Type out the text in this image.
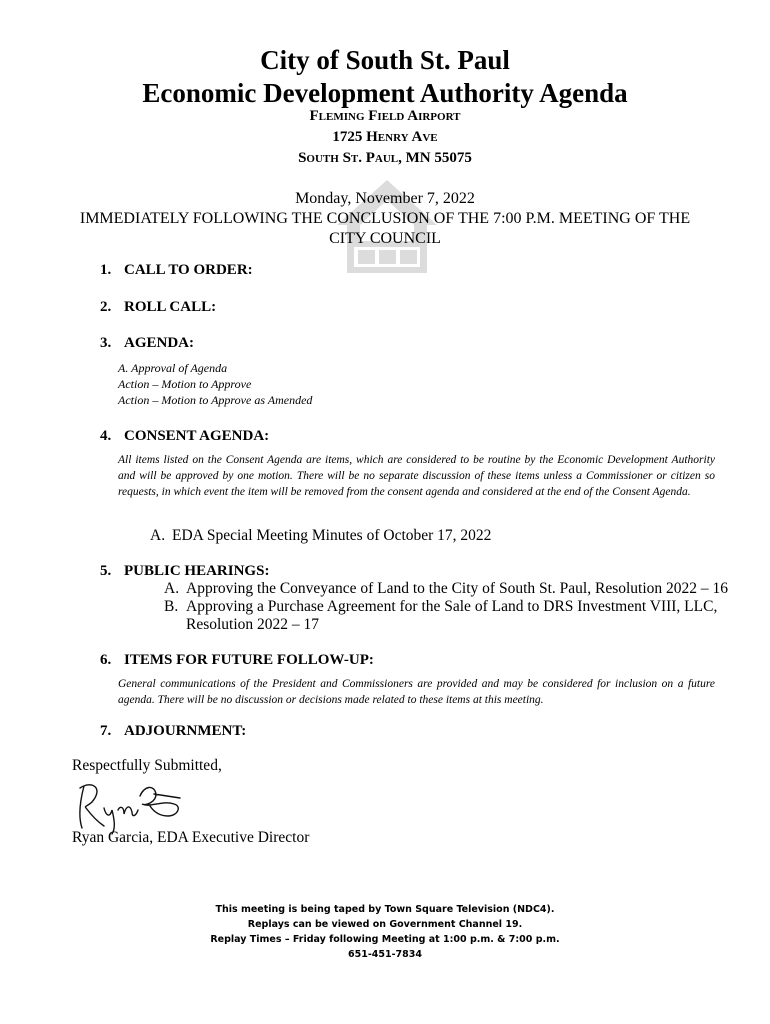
City of South St. Paul
Economic Development Authority Agenda
Fleming Field Airport
1725 Henry Ave
South St. Paul, MN 55075
Monday, November 7, 2022
IMMEDIATELY FOLLOWING THE CONCLUSION OF THE 7:00 P.M. MEETING OF THE
CITY COUNCIL
1. CALL TO ORDER:
2. ROLL CALL:
3. AGENDA:
A. Approval of Agenda
Action – Motion to Approve
Action – Motion to Approve as Amended
4. CONSENT AGENDA:
All items listed on the Consent Agenda are items, which are considered to be routine by the Economic Development Authority and will be approved by one motion. There will be no separate discussion of these items unless a Commissioner or citizen so requests, in which event the item will be removed from the consent agenda and considered at the end of the Consent Agenda.
A. EDA Special Meeting Minutes of October 17, 2022
5. PUBLIC HEARINGS:
A. Approving the Conveyance of Land to the City of South St. Paul, Resolution 2022 – 16
B. Approving a Purchase Agreement for the Sale of Land to DRS Investment VIII, LLC,
Resolution 2022 – 17
6. ITEMS FOR FUTURE FOLLOW-UP:
General communications of the President and Commissioners are provided and may be considered for inclusion on a future agenda. There will be no discussion or decisions made related to these items at this meeting.
7. ADJOURNMENT:
Respectfully Submitted,
Ryan Garcia, EDA Executive Director
This meeting is being taped by Town Square Television (NDC4).
Replays can be viewed on Government Channel 19.
Replay Times – Friday following Meeting at 1:00 p.m. & 7:00 p.m.
651-451-7834
